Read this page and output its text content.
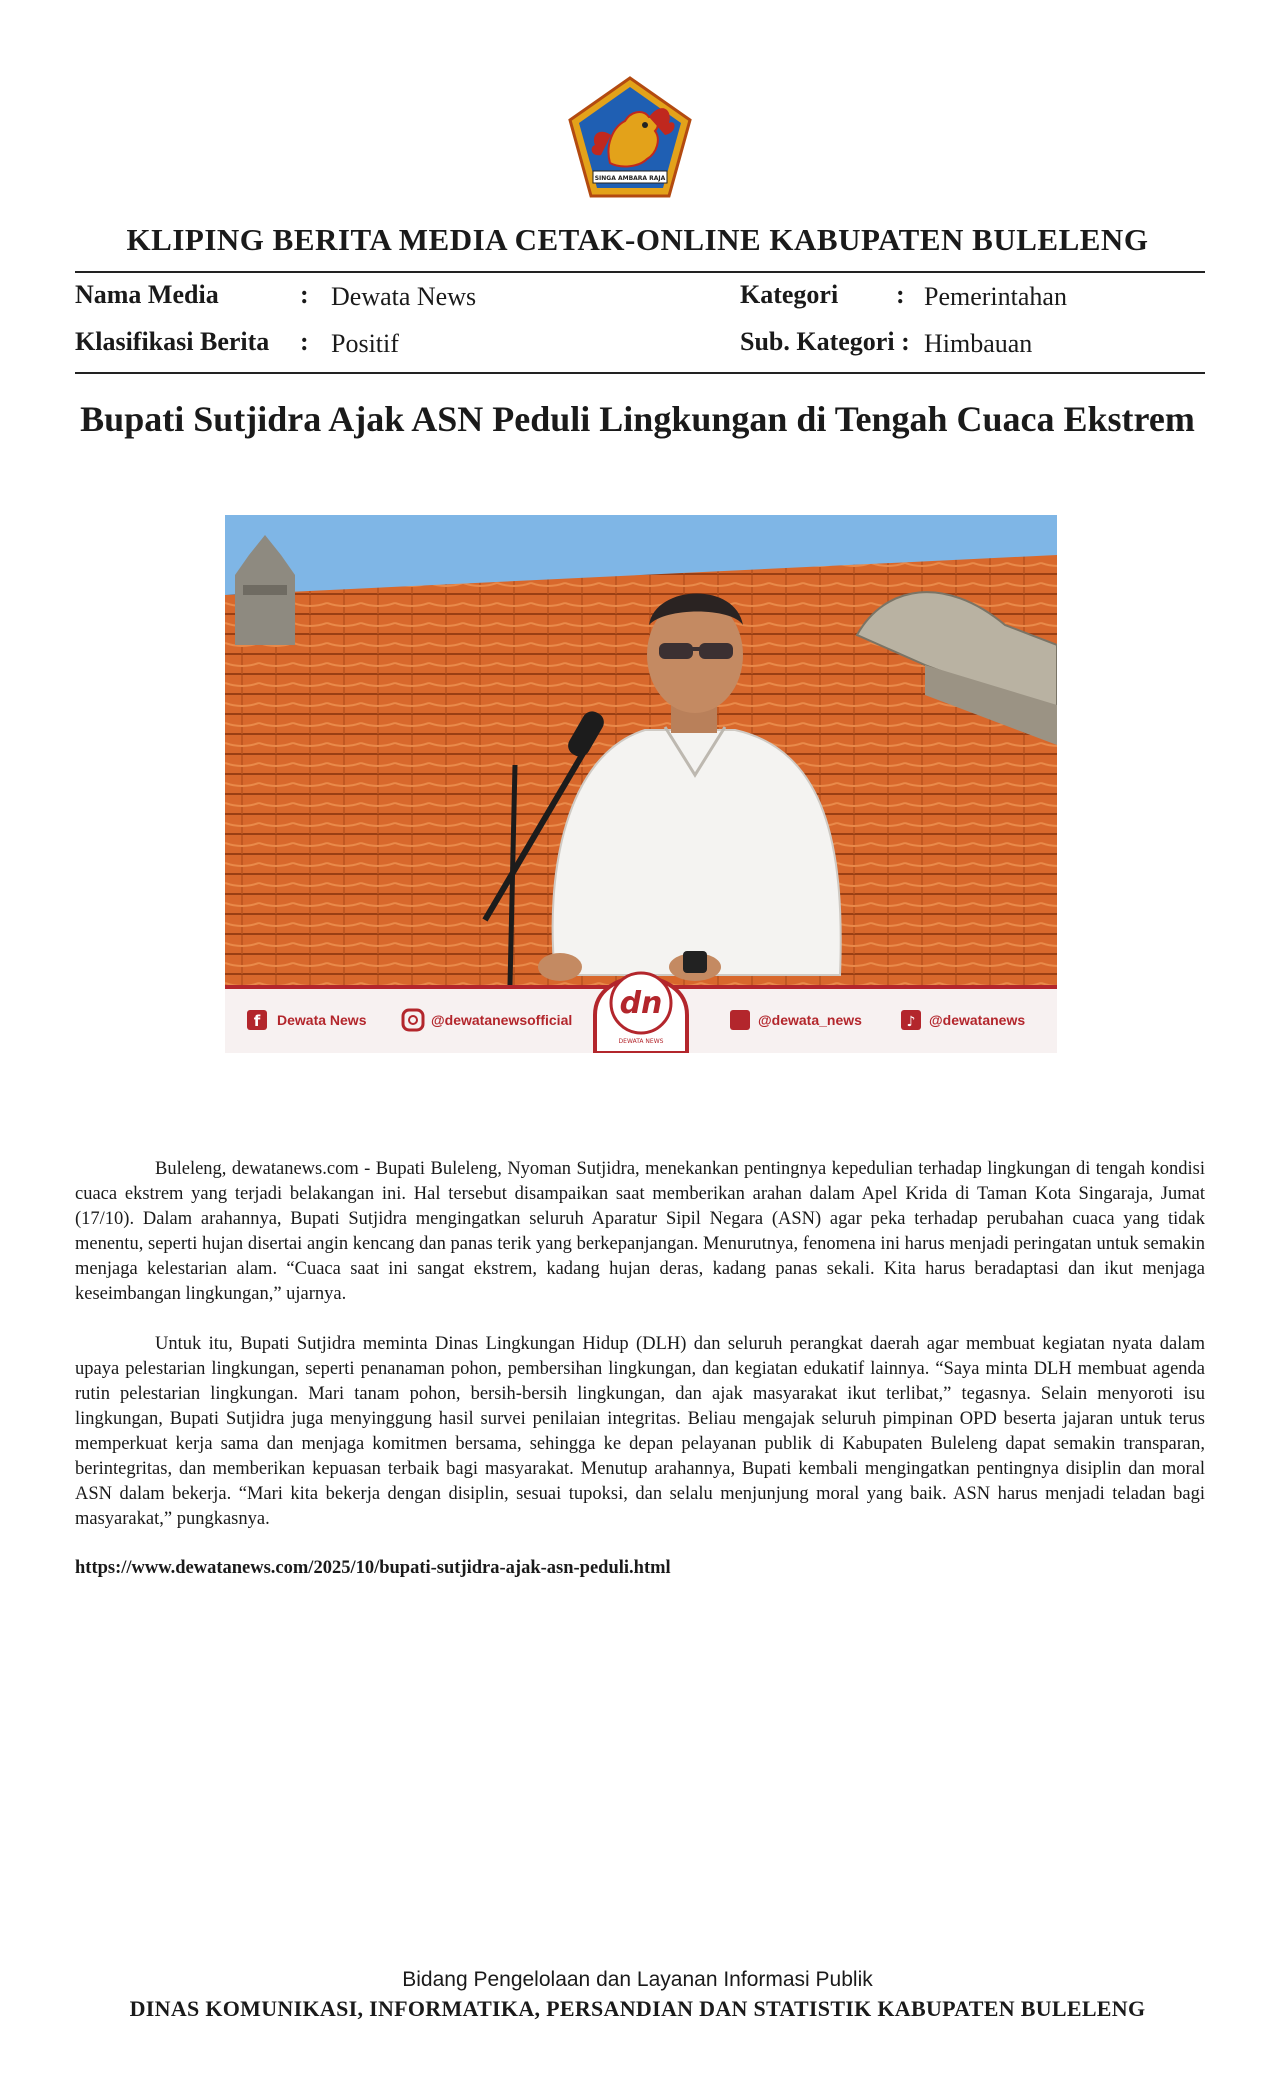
SINGA AMBARA RAJA
KLIPING BERITA MEDIA CETAK-ONLINE KABUPATEN BULELENG
Nama Media	: Dewata News	Kategori : Pemerintahan
Klasifikasi Berita : Positif	Sub. Kategori : Himbauan
Bupati Sutjidra Ajak ASN Peduli Lingkungan di Tengah Cuaca Ekstrem
dn
DEWATA NEWS
f	♪
Dewata News	@dewatanewsofficial	@dewata_news	@dewatanews

Buleleng, dewatanews.com - Bupati Buleleng, Nyoman Sutjidra, menekankan pentingnya kepedulian terhadap lingkungan di tengah kondisi cuaca ekstrem yang terjadi belakangan ini. Hal tersebut disampaikan saat memberikan arahan dalam Apel Krida di Taman Kota Singaraja, Jumat (17/10). Dalam arahannya, Bupati Sutjidra mengingatkan seluruh Aparatur Sipil Negara (ASN) agar peka terhadap perubahan cuaca yang tidak menentu, seperti hujan disertai angin kencang dan panas terik yang berkepanjangan. Menurutnya, fenomena ini harus menjadi peringatan untuk semakin menjaga kelestarian alam. “Cuaca saat ini sangat ekstrem, kadang hujan deras, kadang panas sekali. Kita harus beradaptasi dan ikut menjaga keseimbangan lingkungan,” ujarnya.

Untuk itu, Bupati Sutjidra meminta Dinas Lingkungan Hidup (DLH) dan seluruh perangkat daerah agar membuat kegiatan nyata dalam upaya pelestarian lingkungan, seperti penanaman pohon, pembersihan lingkungan, dan kegiatan edukatif lainnya. “Saya minta DLH membuat agenda rutin pelestarian lingkungan. Mari tanam pohon, bersih-bersih lingkungan, dan ajak masyarakat ikut terlibat,” tegasnya. Selain menyoroti isu lingkungan, Bupati Sutjidra juga menyinggung hasil survei penilaian integritas. Beliau mengajak seluruh pimpinan OPD beserta jajaran untuk terus memperkuat kerja sama dan menjaga komitmen bersama, sehingga ke depan pelayanan publik di Kabupaten Buleleng dapat semakin transparan, berintegritas, dan memberikan kepuasan terbaik bagi masyarakat. Menutup arahannya, Bupati kembali mengingatkan pentingnya disiplin dan moral ASN dalam bekerja. “Mari kita bekerja dengan disiplin, sesuai tupoksi, dan selalu menjunjung moral yang baik. ASN harus menjadi teladan bagi masyarakat,” pungkasnya.

https://www.dewatanews.com/2025/10/bupati-sutjidra-ajak-asn-peduli.html
Bidang Pengelolaan dan Layanan Informasi Publik
DINAS KOMUNIKASI, INFORMATIKA, PERSANDIAN DAN STATISTIK KABUPATEN BULELENG
